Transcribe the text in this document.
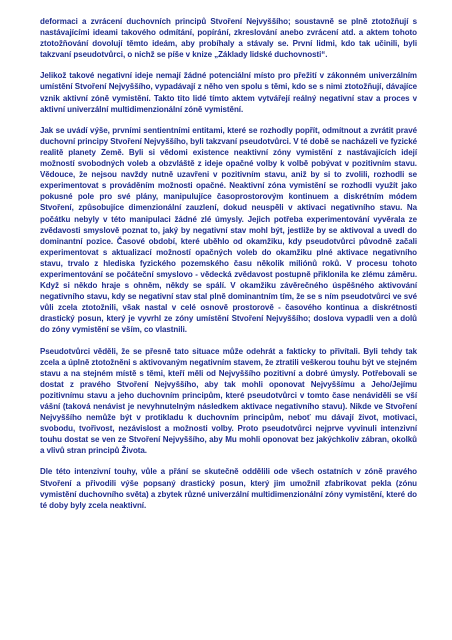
deformaci a zvrácení duchovních principů Stvoření Nejvyššího; soustavně se plně ztotožňují s nastávajícími ideami takového odmítání, popírání, zkreslování anebo zvrácení atd. a aktem tohoto ztotožňování dovolují těmto ideám, aby probíhaly a stávaly se. První lidmi, kdo tak učinili, byli takzvaní pseudotvůrci, o nichž se píše v knize „Základy lidské duchovnosti“.

Jelikož takové negativní ideje nemají žádné potenciální místo pro přežití v zákonném univerzálním umístění Stvoření Nejvyššího, vypadávají z něho ven spolu s těmi, kdo se s nimi ztotožňují, dávajíce vznik aktivní zóně vymistění. Takto tito lidé tímto aktem vytvářejí reálný negativní stav a proces v aktivní univerzální multidimenzionální zóně vymistění.

Jak se uvádí výše, prvními sentientními entitami, které se rozhodly popřít, odmítnout a zvrátit pravé duchovní principy Stvoření Nejvyššího, byli takzvaní pseudotvůrci. V té době se nacházeli ve fyzické realitě planety Země. Byli si vědomi existence neaktivní zóny vymistění z nastávajících idejí možností svobodných voleb a obzvláště z ideje opačné volby k volbě pobývat v pozitivním stavu. Vědouce, že nejsou navždy nutně uzavřeni v pozitivním stavu, aniž by si to zvolili, rozhodli se experimentovat s prováděním možnosti opačné. Neaktivní zóna vymistění se rozhodli využít jako pokusné pole pro své plány, manipulujíce časoprostorovým kontinuem a diskrétním módem Stvoření, způsobujíce dimenzionální zauzlení, dokud neuspěli v aktivaci negativního stavu. Na počátku nebyly v této manipulaci žádné zlé úmysly. Jejich potřeba experimentování vyvěrala ze zvědavosti smyslově poznat to, jaký by negativní stav mohl být, jestliže by se aktivoval a uvedl do dominantní pozice. Časové období, které uběhlo od okamžiku, kdy pseudotvůrci původně začali experimentovat s aktualizací možností opačných voleb do okamžiku plné aktivace negativního stavu, trvalo z hlediska fyzického pozemského času několik miliónů roků. V procesu tohoto experimentování se počáteční smyslovo - vědecká zvědavost postupně přiklonila ke zlému záměru. Když si někdo hraje s ohněm, někdy se spálí. V okamžiku závěrečného úspěšného aktivování negativního stavu, kdy se negativní stav stal plně dominantním tím, že se s ním pseudotvůrci ve své vůli zcela ztotožnili, však nastal v celé osnově prostorově - časového kontinua a diskrétnosti drastický posun, který je vyvrhl ze zóny umístění Stvoření Nejvyššího; doslova vypadli ven a dolů do zóny vymistění se vším, co vlastnili.

Pseudotvůrci věděli, že se přesně tato situace může odehrát a fakticky to přivítali. Byli tehdy tak zcela a úplně ztotožněni s aktivovaným negativním stavem, že ztratili veškerou touhu být ve stejném stavu a na stejném místě s těmi, kteří měli od Nejvyššího pozitivní a dobré úmysly. Potřebovali se dostat z pravého Stvoření Nejvyššího, aby tak mohli oponovat Nejvyššímu a Jeho/Jejímu pozitivnímu stavu a jeho duchovním principům, které pseudotvůrci v tomto čase nenáviděli se vší vášní (taková nenávist je nevyhnutelným následkem aktivace negativního stavu). Nikde ve Stvoření Nejvyššího nemůže být v protikladu k duchovním principům, neboť mu dávají život, motivaci, svobodu, tvořivost, nezávislost a možnosti volby. Proto pseudotvůrci nejprve vyvinuli intenzivní touhu dostat se ven ze Stvoření Nejvyššího, aby Mu mohli oponovat bez jakýchkoliv zábran, okolků a vlivů stran principů Života.

Dle této intenzivní touhy, vůle a přání se skutečně oddělili ode všech ostatních v zóně pravého Stvoření a přivodili výše popsaný drastický posun, který jim umožnil zfabrikovat pekla (zónu vymistění duchovního světa) a zbytek různé univerzální multidimenzionální zóny vymistění, které do té doby byly zcela neaktivní.
